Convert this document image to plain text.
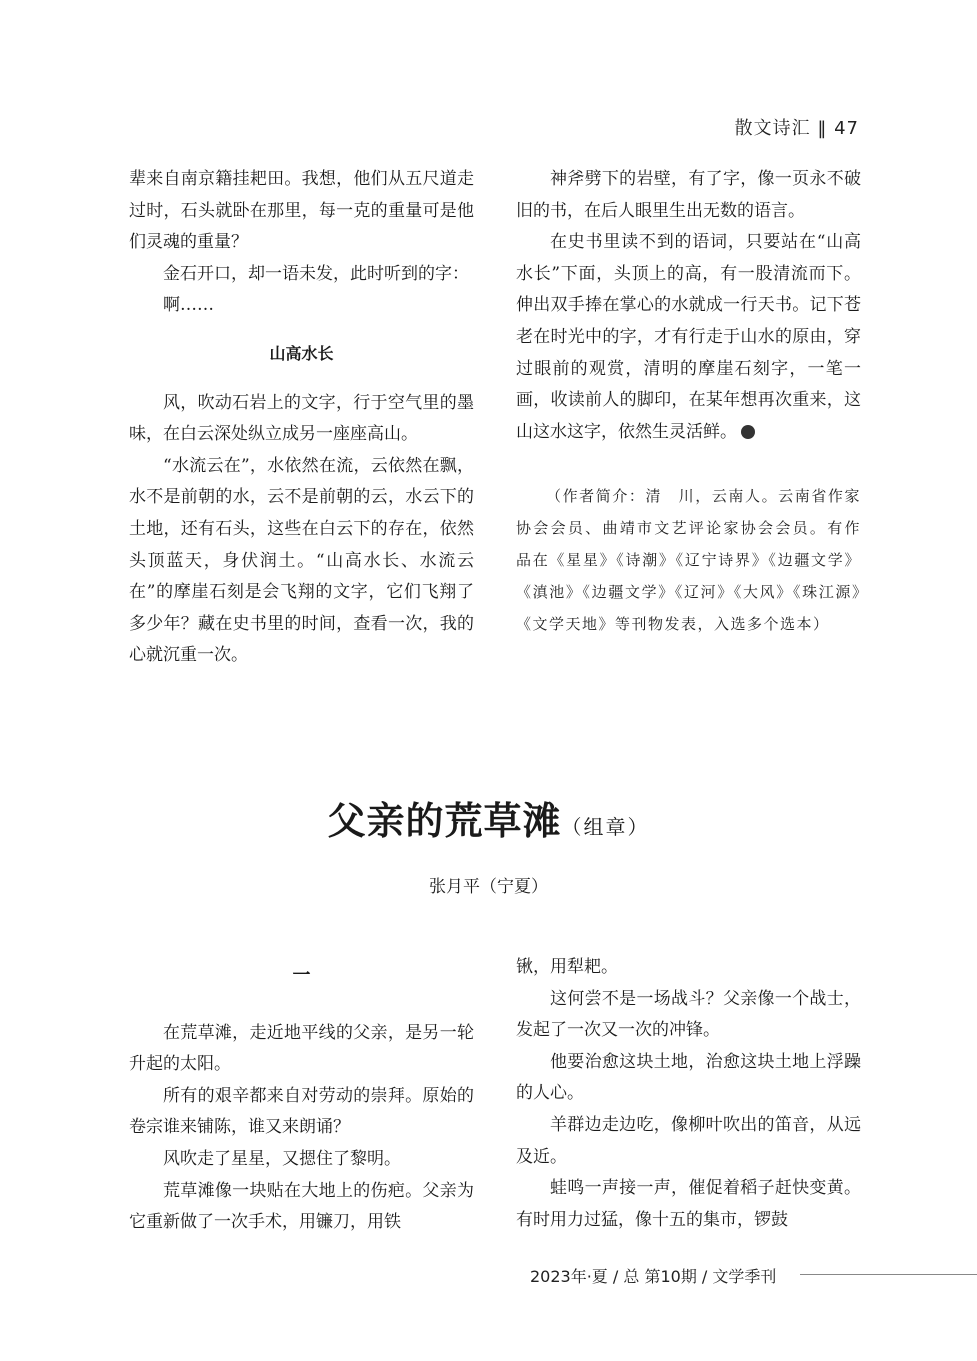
散文诗汇 ‖ 47

辈来自南京籍挂耙田。我想，他们从五尺道走过时，石头就卧在那里，每一克的重量可是他们灵魂的重量？

金石开口，却一语未发，此时听到的字：

啊……

山高水长

风，吹动石岩上的文字，行于空气里的墨味，在白云深处纵立成另一座座高山。

“水流云在”，水依然在流，云依然在飘，水不是前朝的水，云不是前朝的云，水云下的土地，还有石头，这些在白云下的存在，依然头顶蓝天，身伏润土。“山高水长、水流云在”的摩崖石刻是会飞翔的文字，它们飞翔了多少年？藏在史书里的时间，查看一次，我的心就沉重一次。

神斧劈下的岩壁，有了字，像一页永不破旧的书，在后人眼里生出无数的语言。

在史书里读不到的语词，只要站在“山高水长”下面，头顶上的高，有一股清流而下。伸出双手捧在掌心的水就成一行天书。记下苍老在时光中的字，才有行走于山水的原由，穿过眼前的观赏，清明的摩崖石刻字，一笔一画，收读前人的脚印，在某年想再次重来，这山这水这字，依然生灵活鲜。

（作者简介：清　川，云南人。云南省作家协会会员、曲靖市文艺评论家协会会员。有作品在《星星》《诗潮》《辽宁诗界》《边疆文学》《滇池》《边疆文学》《辽河》《大风》《珠江源》《文学天地》等刊物发表，入选多个选本）

父亲的荒草滩（组章）
张月平（宁夏）
一

在荒草滩，走近地平线的父亲，是另一轮升起的太阳。

所有的艰辛都来自对劳动的崇拜。原始的卷宗谁来铺陈，谁又来朗诵？

风吹走了星星，又摁住了黎明。

荒草滩像一块贴在大地上的伤疤。父亲为它重新做了一次手术，用镰刀，用铁

锹，用犁耙。

这何尝不是一场战斗？父亲像一个战士，发起了一次又一次的冲锋。

他要治愈这块土地，治愈这块土地上浮躁的人心。

羊群边走边吃，像柳叶吹出的笛音，从远及近。

蛙鸣一声接一声，催促着稻子赶快变黄。有时用力过猛，像十五的集市，锣鼓

2023年·夏 / 总 第10期 / 文学季刊
